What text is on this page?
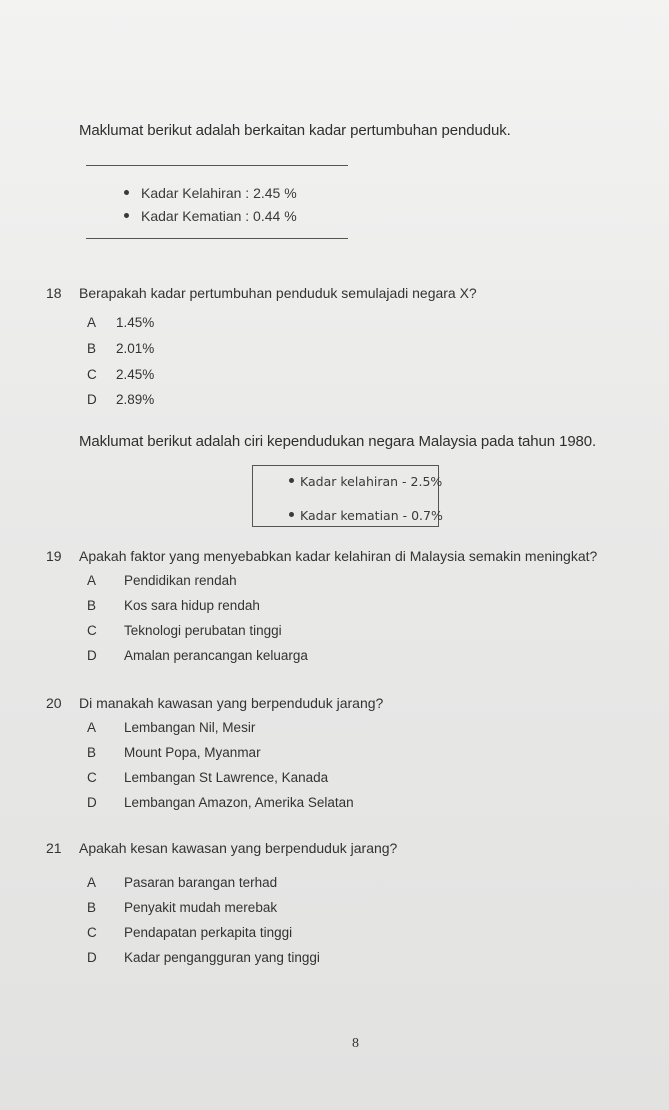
Maklumat berikut adalah berkaitan kadar pertumbuhan penduduk.
Kadar Kelahiran : 2.45 %
Kadar Kematian : 0.44 %
18 Berapakah kadar pertumbuhan penduduk semulajadi negara X?
A 1.45%
B 2.01%
C 2.45%
D 2.89%
Maklumat berikut adalah ciri kependudukan negara Malaysia pada tahun 1980.
Kadar kelahiran - 2.5%
Kadar kematian - 0.7%
19 Apakah faktor yang menyebabkan kadar kelahiran di Malaysia semakin meningkat?
A Pendidikan rendah
B Kos sara hidup rendah
C Teknologi perubatan tinggi
D Amalan perancangan keluarga
20 Di manakah kawasan yang berpenduduk jarang?
A Lembangan Nil, Mesir
B Mount Popa, Myanmar
C Lembangan St Lawrence, Kanada
D Lembangan Amazon, Amerika Selatan
21 Apakah kesan kawasan yang berpenduduk jarang?
A Pasaran barangan terhad
B Penyakit mudah merebak
C Pendapatan perkapita tinggi
D Kadar pengangguran yang tinggi
8
